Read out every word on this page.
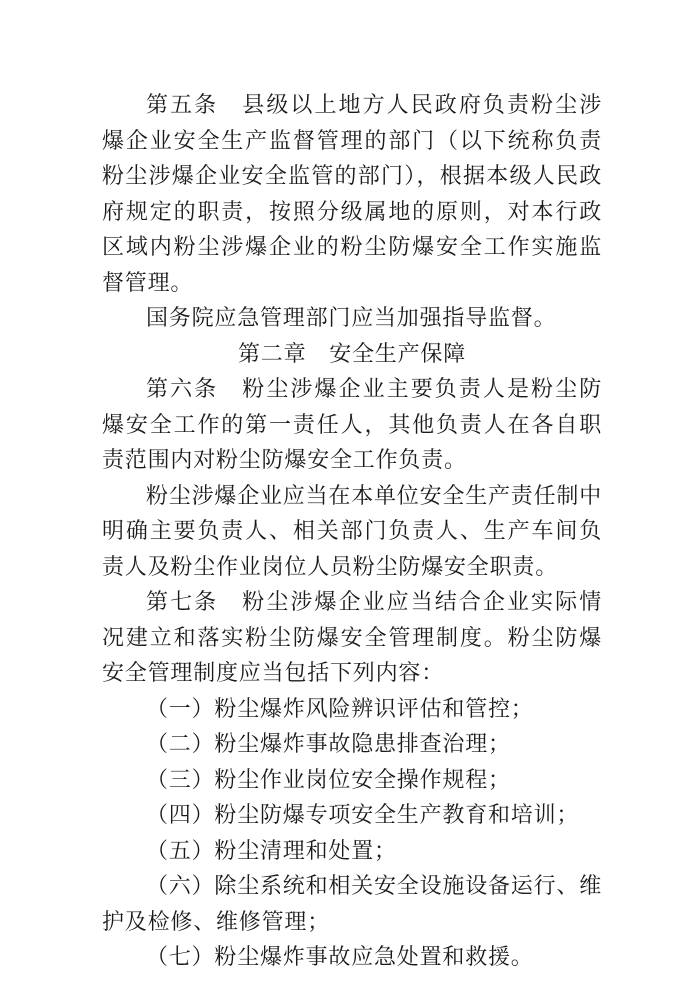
第五条  县级以上地方人民政府负责粉尘涉爆企业安全生产监督管理的部门（以下统称负责粉尘涉爆企业安全监管的部门），根据本级人民政府规定的职责，按照分级属地的原则，对本行政区域内粉尘涉爆企业的粉尘防爆安全工作实施监督管理。

国务院应急管理部门应当加强指导监督。

第二章  安全生产保障

第六条  粉尘涉爆企业主要负责人是粉尘防爆安全工作的第一责任人，其他负责人在各自职责范围内对粉尘防爆安全工作负责。

粉尘涉爆企业应当在本单位安全生产责任制中明确主要负责人、相关部门负责人、生产车间负责人及粉尘作业岗位人员粉尘防爆安全职责。

第七条  粉尘涉爆企业应当结合企业实际情况建立和落实粉尘防爆安全管理制度。粉尘防爆安全管理制度应当包括下列内容：

（一）粉尘爆炸风险辨识评估和管控；

（二）粉尘爆炸事故隐患排查治理；

（三）粉尘作业岗位安全操作规程；

（四）粉尘防爆专项安全生产教育和培训；

（五）粉尘清理和处置；

（六）除尘系统和相关安全设施设备运行、维护及检修、维修管理；

（七）粉尘爆炸事故应急处置和救援。
